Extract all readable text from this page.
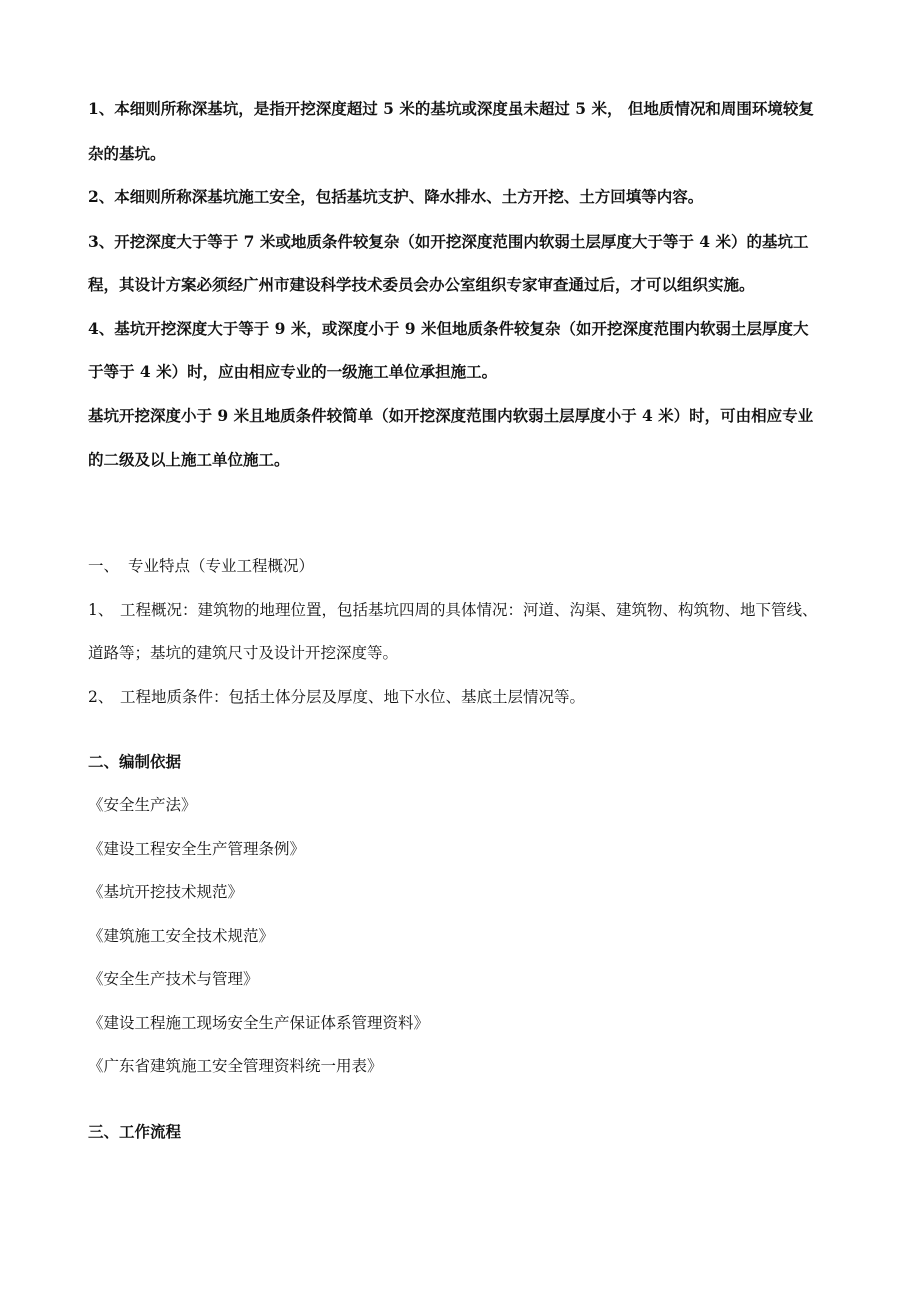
1、本细则所称深基坑，是指开挖深度超过 5 米的基坑或深度虽未超过 5 米， 但地质情况和周围环境较复

杂的基坑。

2、本细则所称深基坑施工安全，包括基坑支护、降水排水、土方开挖、土方回填等内容。

3、开挖深度大于等于 7 米或地质条件较复杂（如开挖深度范围内软弱土层厚度大于等于 4 米）的基坑工

程，其设计方案必须经广州市建设科学技术委员会办公室组织专家审查通过后，才可以组织实施。

4、基坑开挖深度大于等于 9 米，或深度小于 9 米但地质条件较复杂（如开挖深度范围内软弱土层厚度大

于等于 4 米）时，应由相应专业的一级施工单位承担施工。

基坑开挖深度小于 9 米且地质条件较简单（如开挖深度范围内软弱土层厚度小于 4 米）时，可由相应专业

的二级及以上施工单位施工。

一、 专业特点（专业工程概况）

1、 工程概况：建筑物的地理位置，包括基坑四周的具体情况：河道、沟渠、建筑物、构筑物、地下管线、

道路等；基坑的建筑尺寸及设计开挖深度等。

2、 工程地质条件：包括土体分层及厚度、地下水位、基底土层情况等。

二、编制依据

《安全生产法》

《建设工程安全生产管理条例》

《基坑开挖技术规范》

《建筑施工安全技术规范》

《安全生产技术与管理》

《建设工程施工现场安全生产保证体系管理资料》

《广东省建筑施工安全管理资料统一用表》

三、工作流程
